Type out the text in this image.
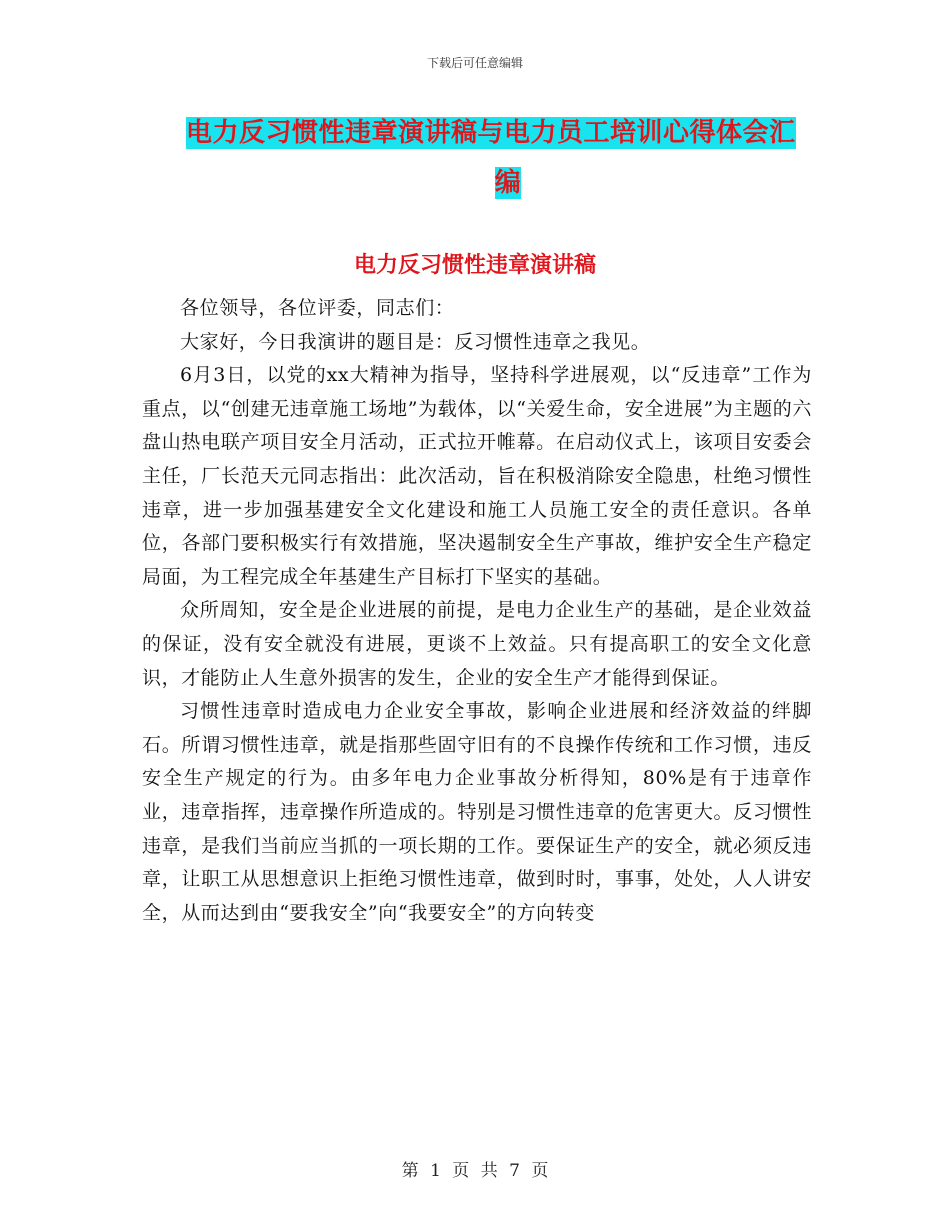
下载后可任意编辑
电力反习惯性违章演讲稿与电力员工培训心得体会汇
编
电力反习惯性违章演讲稿

各位领导，各位评委，同志们：

大家好，今日我演讲的题目是：反习惯性违章之我见。

6月3日，以党的xx大精神为指导，坚持科学进展观，以“反违章”工作为重点，以“创建无违章施工场地”为载体，以“关爱生命，安全进展”为主题的六盘山热电联产项目安全月活动，正式拉开帷幕。在启动仪式上，该项目安委会主任，厂长范天元同志指出：此次活动，旨在积极消除安全隐患，杜绝习惯性违章，进一步加强基建安全文化建设和施工人员施工安全的责任意识。各单位，各部门要积极实行有效措施，坚决遏制安全生产事故，维护安全生产稳定局面，为工程完成全年基建生产目标打下坚实的基础。

众所周知，安全是企业进展的前提，是电力企业生产的基础，是企业效益的保证，没有安全就没有进展，更谈不上效益。只有提高职工的安全文化意识，才能防止人生意外损害的发生，企业的安全生产才能得到保证。

习惯性违章时造成电力企业安全事故，影响企业进展和经济效益的绊脚石。所谓习惯性违章，就是指那些固守旧有的不良操作传统和工作习惯，违反安全生产规定的行为。由多年电力企业事故分析得知，80%是有于违章作业，违章指挥，违章操作所造成的。特别是习惯性违章的危害更大。反习惯性违章，是我们当前应当抓的一项长期的工作。要保证生产的安全，就必须反违章，让职工从思想意识上拒绝习惯性违章，做到时时，事事，处处，人人讲安全，从而达到由“要我安全”向“我要安全”的方向转变

第 1 页 共 7 页
